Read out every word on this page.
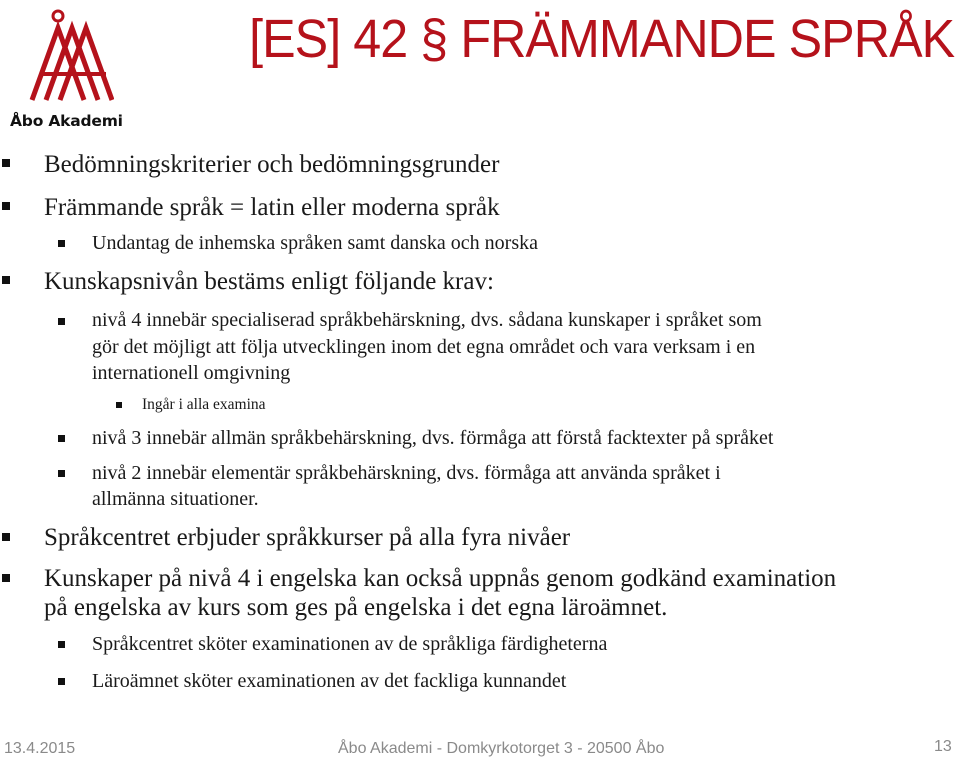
Åbo Akademi
[ES] 42 § FRÄMMANDE SPRÅK
Bedömningskriterier och bedömningsgrunder
Främmande språk = latin eller moderna språk
Undantag de inhemska språken samt danska och norska
Kunskapsnivån bestäms enligt följande krav:
nivå 4 innebär specialiserad språkbehärskning, dvs. sådana kunskaper i språket som
gör det möjligt att följa utvecklingen inom det egna området och vara verksam i en
internationell omgivning
Ingår i alla examina
nivå 3 innebär allmän språkbehärskning, dvs. förmåga att förstå facktexter på språket
nivå 2 innebär elementär språkbehärskning, dvs. förmåga att använda språket i
allmänna situationer.
Språkcentret erbjuder språkkurser på alla fyra nivåer
Kunskaper på nivå 4 i engelska kan också uppnås genom godkänd examination
på engelska av kurs som ges på engelska i det egna läroämnet.
Språkcentret sköter examinationen av de språkliga färdigheterna
Läroämnet sköter examinationen av det fackliga kunnandet
13.4.2015	Åbo Akademi - Domkyrkotorget 3 - 20500 Åbo	13
